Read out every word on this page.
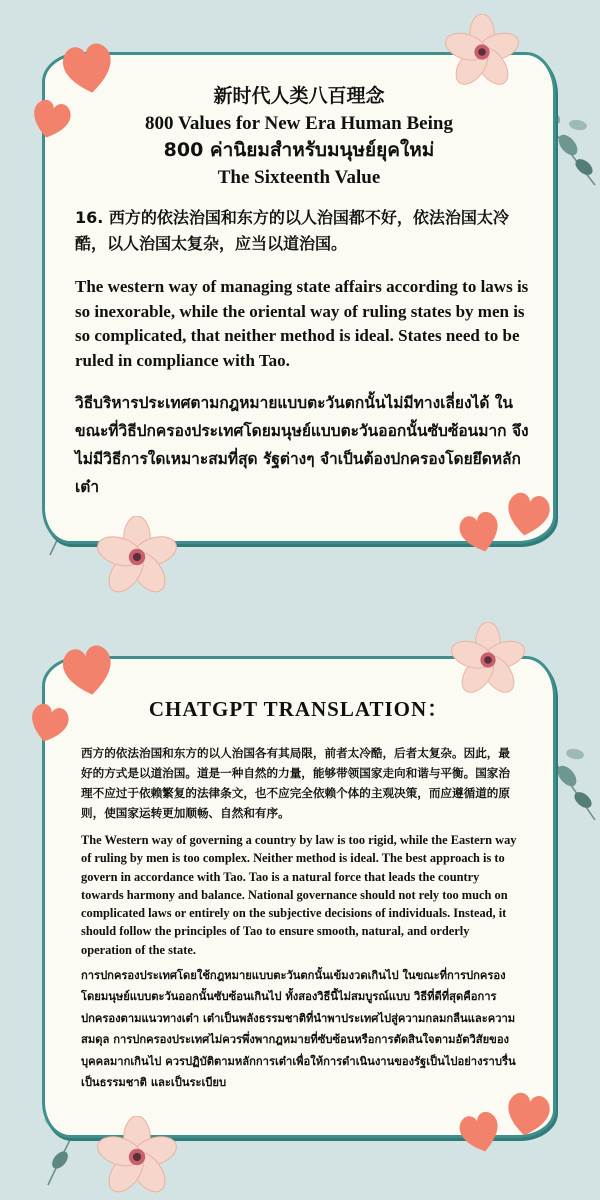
新时代人类八百理念
800 Values for New Era Human Being
800 ค่านิยมสำหรับมนุษย์ยุคใหม่
The Sixteenth Value

16. 西方的依法治国和东方的以人治国都不好，依法治国太冷酷，以人治国太复杂，应当以道治国。

The western way of managing state affairs according to laws is so inexorable, while the oriental way of ruling states by men is so complicated, that neither method is ideal. States need to be ruled in compliance with Tao.

วิธีบริหารประเทศตามกฎหมายแบบตะวันตกนั้นไม่มีทางเลี่ยงได้ ในขณะที่วิธีปกครองประเทศโดยมนุษย์แบบตะวันออกนั้นซับซ้อนมาก จึงไม่มีวิธีการใดเหมาะสมที่สุด รัฐต่างๆ จำเป็นต้องปกครองโดยยึดหลักเต๋า

CHATGPT TRANSLATION：

西方的依法治国和东方的以人治国各有其局限，前者太冷酷，后者太复杂。因此，最好的方式是以道治国。道是一种自然的力量，能够带领国家走向和谐与平衡。国家治理不应过于依赖繁复的法律条文，也不应完全依赖个体的主观决策，而应遵循道的原则，使国家运转更加顺畅、自然和有序。

The Western way of governing a country by law is too rigid, while the Eastern way of ruling by men is too complex. Neither method is ideal. The best approach is to govern in accordance with Tao. Tao is a natural force that leads the country towards harmony and balance. National governance should not rely too much on complicated laws or entirely on the subjective decisions of individuals. Instead, it should follow the principles of Tao to ensure smooth, natural, and orderly operation of the state.

การปกครองประเทศโดยใช้กฎหมายแบบตะวันตกนั้นเข้มงวดเกินไป ในขณะที่การปกครองโดยมนุษย์แบบตะวันออกนั้นซับซ้อนเกินไป ทั้งสองวิธีนี้ไม่สมบูรณ์แบบ วิธีที่ดีที่สุดคือการปกครองตามแนวทางเต๋า เต๋าเป็นพลังธรรมชาติที่นำพาประเทศไปสู่ความกลมกลืนและความสมดุล การปกครองประเทศไม่ควรพึ่งพากฎหมายที่ซับซ้อนหรือการตัดสินใจตามอัตวิสัยของบุคคลมากเกินไป ควรปฏิบัติตามหลักการเต๋าเพื่อให้การดำเนินงานของรัฐเป็นไปอย่างราบรื่น เป็นธรรมชาติ และเป็นระเบียบ
